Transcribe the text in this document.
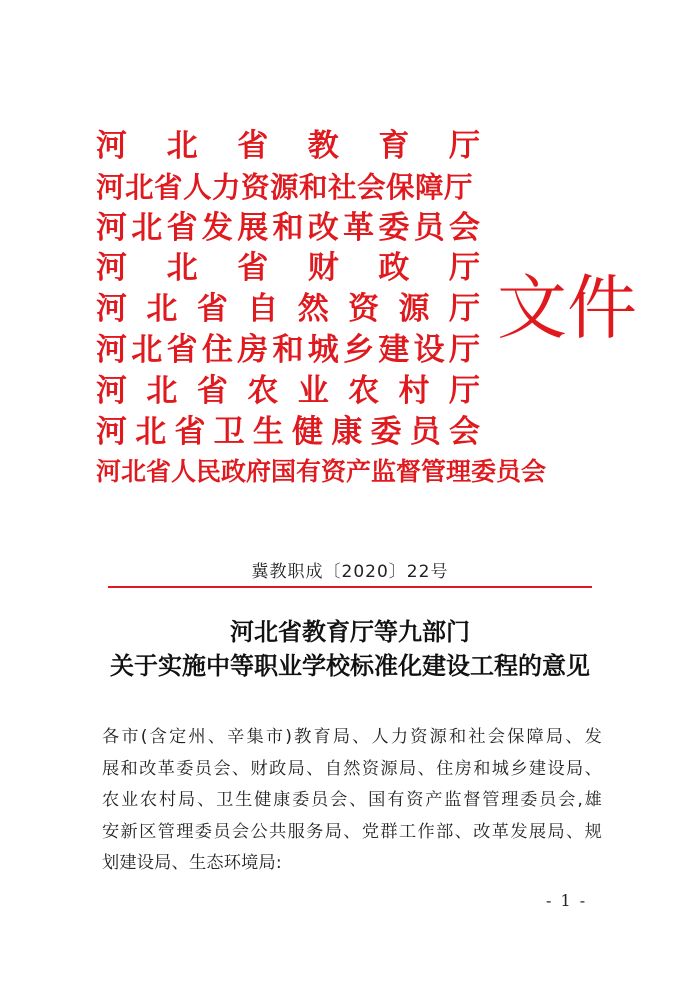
河 北 省 教 育 厅
河北省人力资源和社会保障厅
河 北 省 发 展 和 改 革 委 员 会
河 北 省 财 政 厅
河 北 省 自 然 资 源 厅
河 北 省 住 房 和 城 乡 建 设 厅
河 北 省 农 业 农 村 厅
河 北 省 卫 生 健 康 委 员 会
河北省人民政府国有资产监督管理委员会
文件
冀教职成〔2020〕22号
河北省教育厅等九部门
关于实施中等职业学校标准化建设工程的意见
各市(含定州、辛集市)教育局、人力资源和社会保障局、发
展和改革委员会、财政局、自然资源局、住房和城乡建设局、
农业农村局、卫生健康委员会、国有资产监督管理委员会,雄
安新区管理委员会公共服务局、党群工作部、改革发展局、规
划建设局、生态环境局:
- 1 -
